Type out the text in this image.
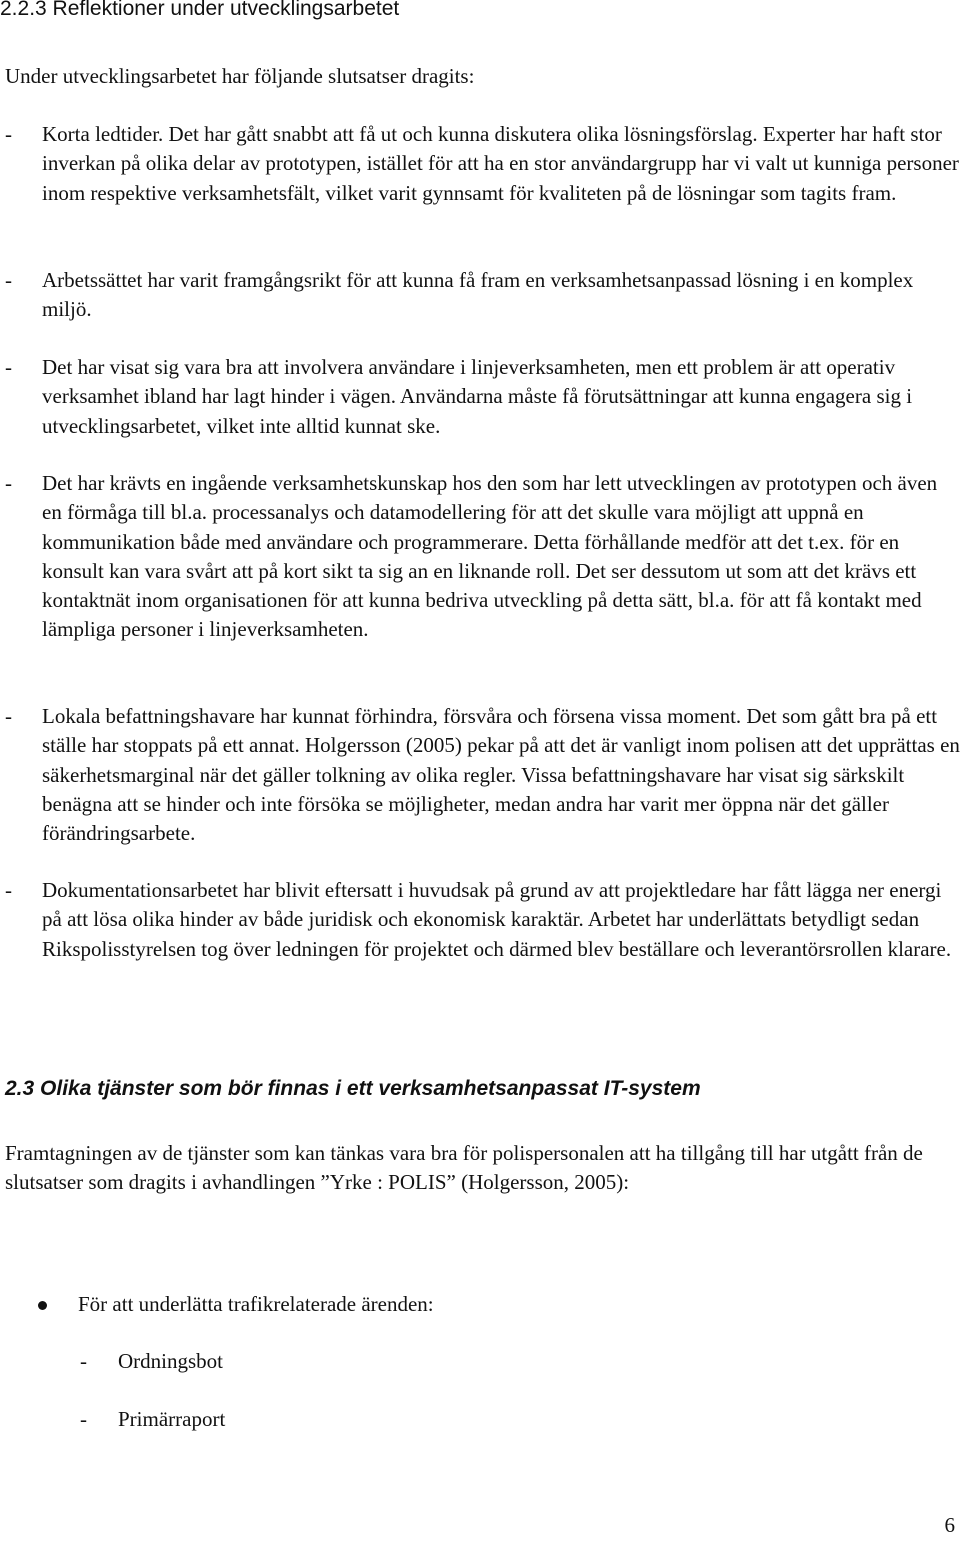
2.2.3 Reflektioner under utvecklingsarbetet

Under utvecklingsarbetet har följande slutsatser dragits:

- Korta ledtider. Det har gått snabbt att få ut och kunna diskutera olika lösningsförslag. Experter har haft stor inverkan på olika delar av prototypen, istället för att ha en stor användargrupp har vi valt ut kunniga personer inom respektive verksamhetsfält, vilket varit gynnsamt för kvaliteten på de lösningar som tagits fram.

- Arbetssättet har varit framgångsrikt för att kunna få fram en verksamhetsanpassad lösning i en komplex miljö.

- Det har visat sig vara bra att involvera användare i linjeverksamheten, men ett problem är att operativ verksamhet ibland har lagt hinder i vägen. Användarna måste få förutsättningar att kunna engagera sig i utvecklingsarbetet, vilket inte alltid kunnat ske.

- Det har krävts en ingående verksamhetskunskap hos den som har lett utvecklingen av prototypen och även en förmåga till bl.a. processanalys och datamodellering för att det skulle vara möjligt att uppnå en kommunikation både med användare och programmerare. Detta förhållande medför att det t.ex. för en konsult kan vara svårt att på kort sikt ta sig an en liknande roll. Det ser dessutom ut som att det krävs ett kontaktnät inom organisationen för att kunna bedriva utveckling på detta sätt, bl.a. för att få kontakt med lämpliga personer i linjeverksamheten.

- Lokala befattningshavare har kunnat förhindra, försvåra och försena vissa moment. Det som gått bra på ett ställe har stoppats på ett annat. Holgersson (2005) pekar på att det är vanligt inom polisen att det upprättas en säkerhetsmarginal när det gäller tolkning av olika regler. Vissa befattningshavare har visat sig särkskilt benägna att se hinder och inte försöka se möjligheter, medan andra har varit mer öppna när det gäller förändringsarbete.

- Dokumentationsarbetet har blivit eftersatt i huvudsak på grund av att projektledare har fått lägga ner energi på att lösa olika hinder av både juridisk och ekonomisk karaktär. Arbetet har underlättats betydligt sedan Rikspolisstyrelsen tog över ledningen för projektet och därmed blev beställare och leverantörsrollen klarare.

2.3 Olika tjänster som bör finnas i ett verksamhetsanpassat IT-system

Framtagningen av de tjänster som kan tänkas vara bra för polispersonalen att ha tillgång till har utgått från de slutsatser som dragits i avhandlingen ”Yrke : POLIS” (Holgersson, 2005):

För att underlätta trafikrelaterade ärenden:
- Ordningsbot
- Primärraport
6
